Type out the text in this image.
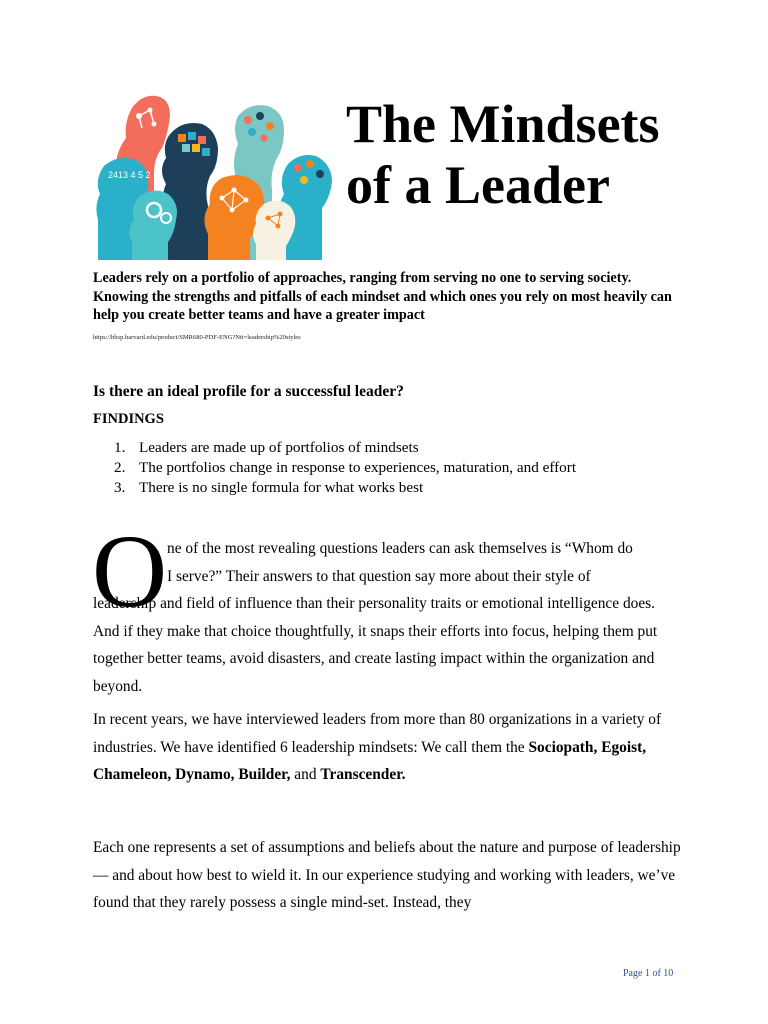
2413 4 5 2
The Mindsets
of a Leader

Leaders rely on a portfolio of approaches, ranging from serving no one to serving society. Knowing the strengths and pitfalls of each mindset and which ones you rely on most heavily can help you create better teams and have a greater impact

https://hbsp.harvard.edu/product/SMR680-PDF-ENG?Ntt=leadership%20styles
Is there an ideal profile for a successful leader?
FINDINGS
1. Leaders are made up of portfolios of mindsets
2. The portfolios change in response to experiences, maturation, and effort
3. There is no single formula for what works best
O ne of the most revealing questions leaders can ask themselves is “Whom do
I serve?” Their answers to that question say more about their style of
leadership and field of influence than their personality traits or emotional intelligence does. And if they make that choice thoughtfully, it snaps their efforts into focus, helping them put together better teams, avoid disasters, and create lasting impact within the organization and beyond.

In recent years, we have interviewed leaders from more than 80 organizations in a variety of industries. We have identified 6 leadership mindsets: We call them the Sociopath, Egoist, Chameleon, Dynamo, Builder, and Transcender.

Each one represents a set of assumptions and beliefs about the nature and purpose of leadership — and about how best to wield it. In our experience studying and working with leaders, we’ve found that they rarely possess a single mind-set. Instead, they

Page 1 of 10
